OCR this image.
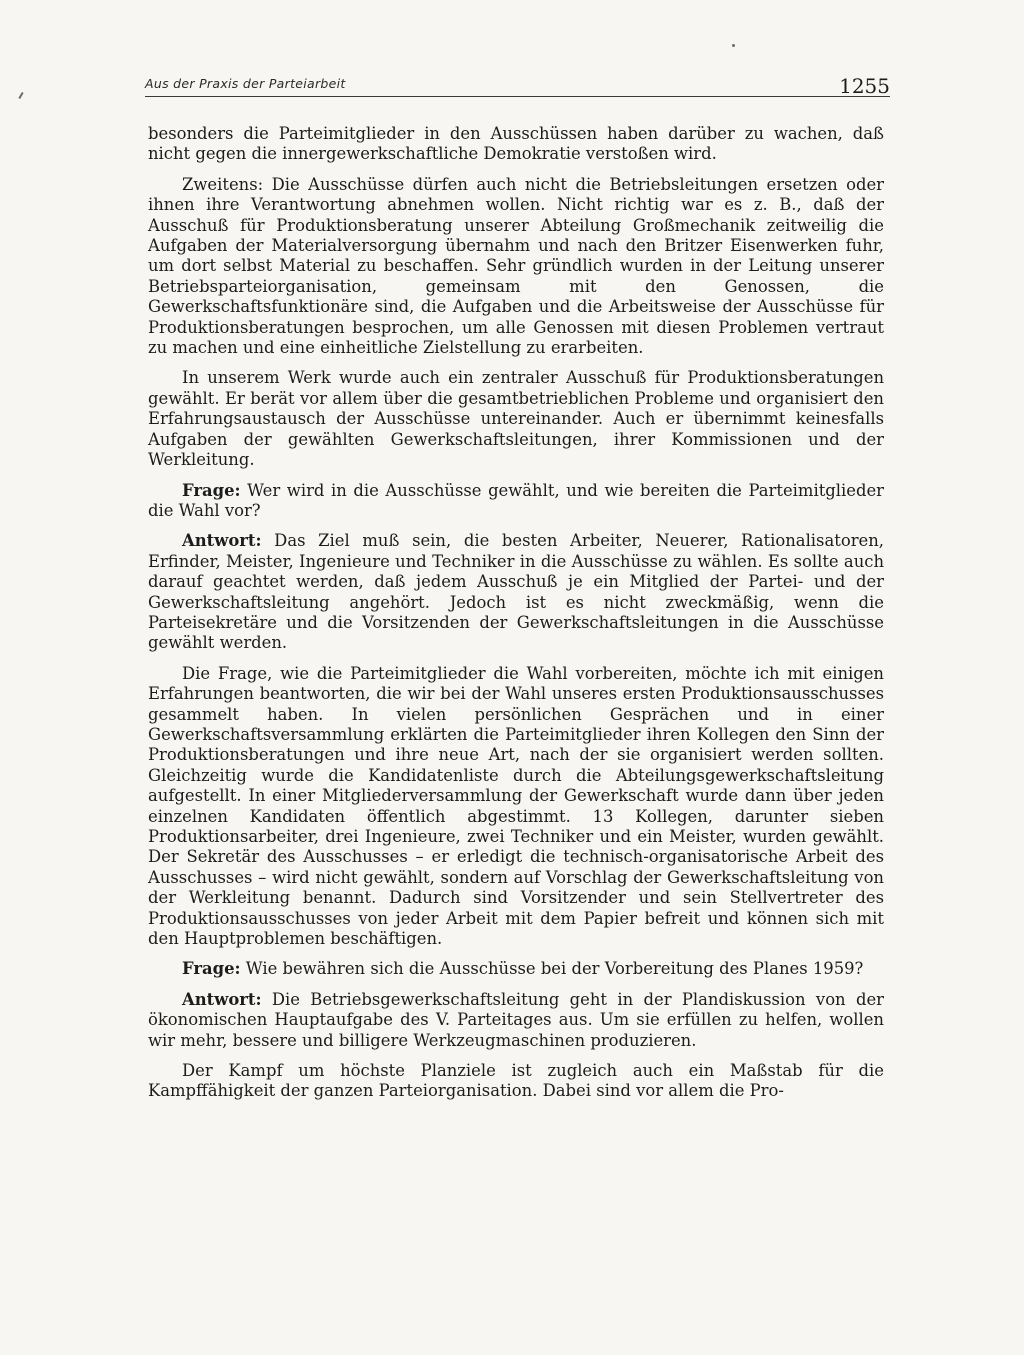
Aus der Praxis der Parteiarbeit	1255

besonders die Parteimitglieder in den Ausschüssen haben darüber zu wachen, daß nicht gegen die innergewerkschaftliche Demokratie verstoßen wird.

Zweitens: Die Ausschüsse dürfen auch nicht die Betriebsleitungen ersetzen oder ihnen ihre Verantwortung abnehmen wollen. Nicht richtig war es z. B., daß der Ausschuß für Produktionsberatung unserer Abteilung Großmechanik zeitweilig die Aufgaben der Materialversorgung übernahm und nach den Britzer Eisenwerken fuhr, um dort selbst Material zu beschaffen. Sehr gründlich wurden in der Leitung unserer Betriebsparteiorganisation, gemeinsam mit den Genossen, die Gewerkschaftsfunktionäre sind, die Aufgaben und die Arbeitsweise der Ausschüsse für Produktionsberatungen besprochen, um alle Genossen mit diesen Problemen vertraut zu machen und eine einheitliche Zielstellung zu erarbeiten.

In unserem Werk wurde auch ein zentraler Ausschuß für Produktionsberatungen gewählt. Er berät vor allem über die gesamtbetrieblichen Probleme und organisiert den Erfahrungsaustausch der Ausschüsse untereinander. Auch er übernimmt keinesfalls Aufgaben der gewählten Gewerkschaftsleitungen, ihrer Kommissionen und der Werkleitung.

Frage: Wer wird in die Ausschüsse gewählt, und wie bereiten die Parteimitglieder die Wahl vor?

Antwort: Das Ziel muß sein, die besten Arbeiter, Neuerer, Rationalisatoren, Erfinder, Meister, Ingenieure und Techniker in die Ausschüsse zu wählen. Es sollte auch darauf geachtet werden, daß jedem Ausschuß je ein Mitglied der Partei- und der Gewerkschaftsleitung angehört. Jedoch ist es nicht zweckmäßig, wenn die Parteisekretäre und die Vorsitzenden der Gewerkschaftsleitungen in die Ausschüsse gewählt werden.

Die Frage, wie die Parteimitglieder die Wahl vorbereiten, möchte ich mit einigen Erfahrungen beantworten, die wir bei der Wahl unseres ersten Produktionsausschusses gesammelt haben. In vielen persönlichen Gesprächen und in einer Gewerkschaftsversammlung erklärten die Parteimitglieder ihren Kollegen den Sinn der Produktionsberatungen und ihre neue Art, nach der sie organisiert werden sollten. Gleichzeitig wurde die Kandidatenliste durch die Abteilungsgewerkschaftsleitung aufgestellt. In einer Mitgliederversammlung der Gewerkschaft wurde dann über jeden einzelnen Kandidaten öffentlich abgestimmt. 13 Kollegen, darunter sieben Produktionsarbeiter, drei Ingenieure, zwei Techniker und ein Meister, wurden gewählt. Der Sekretär des Ausschusses – er erledigt die technisch-organisatorische Arbeit des Ausschusses – wird nicht gewählt, sondern auf Vorschlag der Gewerkschaftsleitung von der Werkleitung benannt. Dadurch sind Vorsitzender und sein Stellvertreter des Produktionsausschusses von jeder Arbeit mit dem Papier befreit und können sich mit den Hauptproblemen beschäftigen.

Frage: Wie bewähren sich die Ausschüsse bei der Vorbereitung des Planes 1959?

Antwort: Die Betriebsgewerkschaftsleitung geht in der Plandiskussion von der ökonomischen Hauptaufgabe des V. Parteitages aus. Um sie erfüllen zu helfen, wollen wir mehr, bessere und billigere Werkzeugmaschinen produzieren.

Der Kampf um höchste Planziele ist zugleich auch ein Maßstab für die Kampffähigkeit der ganzen Parteiorganisation. Dabei sind vor allem die Pro-
